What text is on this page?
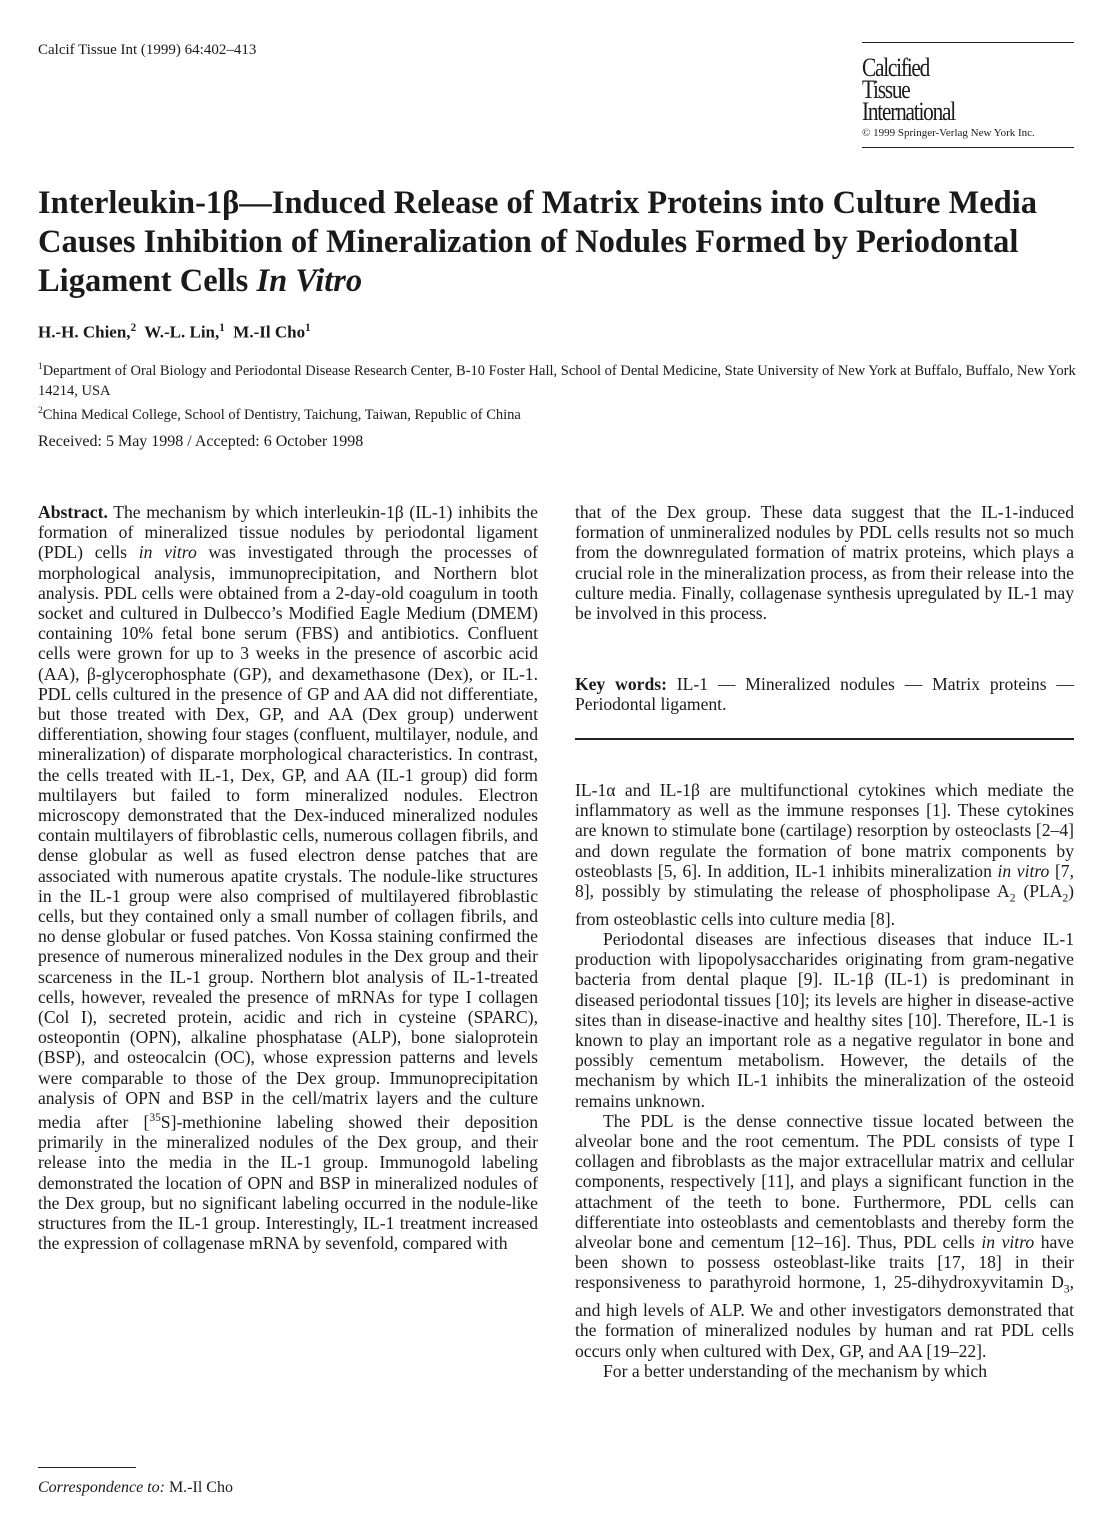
Calcif Tissue Int (1999) 64:402–413
Calcified
Tissue
International
© 1999 Springer-Verlag New York Inc.
Interleukin-1β—Induced Release of Matrix Proteins into Culture Media Causes Inhibition of Mineralization of Nodules Formed by Periodontal Ligament Cells In Vitro
H.-H. Chien,$^2$ W.-L. Lin,$^1$ M.-Il Cho$^1$
$^1$Department of Oral Biology and Periodontal Disease Research Center, B-10 Foster Hall, School of Dental Medicine, State University of New York at Buffalo, Buffalo, New York 14214, USA
$^2$China Medical College, School of Dentistry, Taichung, Taiwan, Republic of China
Received: 5 May 1998 / Accepted: 6 October 1998
Abstract. The mechanism by which interleukin-1β (IL-1) inhibits the formation of mineralized tissue nodules by periodontal ligament (PDL) cells in vitro was investigated through the processes of morphological analysis, immunoprecipitation, and Northern blot analysis. PDL cells were obtained from a 2-day-old coagulum in tooth socket and cultured in Dulbecco’s Modified Eagle Medium (DMEM) containing 10% fetal bone serum (FBS) and antibiotics. Confluent cells were grown for up to 3 weeks in the presence of ascorbic acid (AA), β-glycerophosphate (GP), and dexamethasone (Dex), or IL-1. PDL cells cultured in the presence of GP and AA did not differentiate, but those treated with Dex, GP, and AA (Dex group) underwent differentiation, showing four stages (confluent, multilayer, nodule, and mineralization) of disparate morphological characteristics. In contrast, the cells treated with IL-1, Dex, GP, and AA (IL-1 group) did form multilayers but failed to form mineralized nodules. Electron microscopy demonstrated that the Dex-induced mineralized nodules contain multilayers of fibroblastic cells, numerous collagen fibrils, and dense globular as well as fused electron dense patches that are associated with numerous apatite crystals. The nodule-like structures in the IL-1 group were also comprised of multilayered fibroblastic cells, but they contained only a small number of collagen fibrils, and no dense globular or fused patches. Von Kossa staining confirmed the presence of numerous mineralized nodules in the Dex group and their scarceness in the IL-1 group. Northern blot analysis of IL-1-treated cells, however, revealed the presence of mRNAs for type I collagen (Col I), secreted protein, acidic and rich in cysteine (SPARC), osteopontin (OPN), alkaline phosphatase (ALP), bone sialoprotein (BSP), and osteocalcin (OC), whose expression patterns and levels were comparable to those of the Dex group. Immunoprecipitation analysis of OPN and BSP in the cell/matrix layers and the culture media after [$^{35}$S]-methionine labeling showed their deposition primarily in the mineralized nodules of the Dex group, and their release into the media in the IL-1 group. Immunogold labeling demonstrated the location of OPN and BSP in mineralized nodules of the Dex group, but no significant labeling occurred in the nodule-like structures from the IL-1 group. Interestingly, IL-1 treatment increased the expression of collagenase mRNA by sevenfold, compared with
that of the Dex group. These data suggest that the IL-1-induced formation of unmineralized nodules by PDL cells results not so much from the downregulated formation of matrix proteins, which plays a crucial role in the mineralization process, as from their release into the culture media. Finally, collagenase synthesis upregulated by IL-1 may be involved in this process.
Key words: IL-1 — Mineralized nodules — Matrix proteins — Periodontal ligament.

IL-1α and IL-1β are multifunctional cytokines which mediate the inflammatory as well as the immune responses [1]. These cytokines are known to stimulate bone (cartilage) resorption by osteoclasts [2–4] and down regulate the formation of bone matrix components by osteoblasts [5, 6]. In addition, IL-1 inhibits mineralization in vitro [7, 8], possibly by stimulating the release of phospholipase $A_2$ $(PLA_2)$ from osteoblastic cells into culture media [8].

Periodontal diseases are infectious diseases that induce IL-1 production with lipopolysaccharides originating from gram-negative bacteria from dental plaque [9]. IL-1β (IL-1) is predominant in diseased periodontal tissues [10]; its levels are higher in disease-active sites than in disease-inactive and healthy sites [10]. Therefore, IL-1 is known to play an important role as a negative regulator in bone and possibly cementum metabolism. However, the details of the mechanism by which IL-1 inhibits the mineralization of the osteoid remains unknown.

The PDL is the dense connective tissue located between the alveolar bone and the root cementum. The PDL consists of type I collagen and fibroblasts as the major extracellular matrix and cellular components, respectively [11], and plays a significant function in the attachment of the teeth to bone. Furthermore, PDL cells can differentiate into osteoblasts and cementoblasts and thereby form the alveolar bone and cementum [12–16]. Thus, PDL cells in vitro have been shown to possess osteoblast-like traits [17, 18] in their responsiveness to parathyroid hormone, 1, 25-dihydroxyvitamin $D_3$, and high levels of ALP. We and other investigators demonstrated that the formation of mineralized nodules by human and rat PDL cells occurs only when cultured with Dex, GP, and AA [19–22].

For a better understanding of the mechanism by which

Correspondence to: M.-Il Cho
